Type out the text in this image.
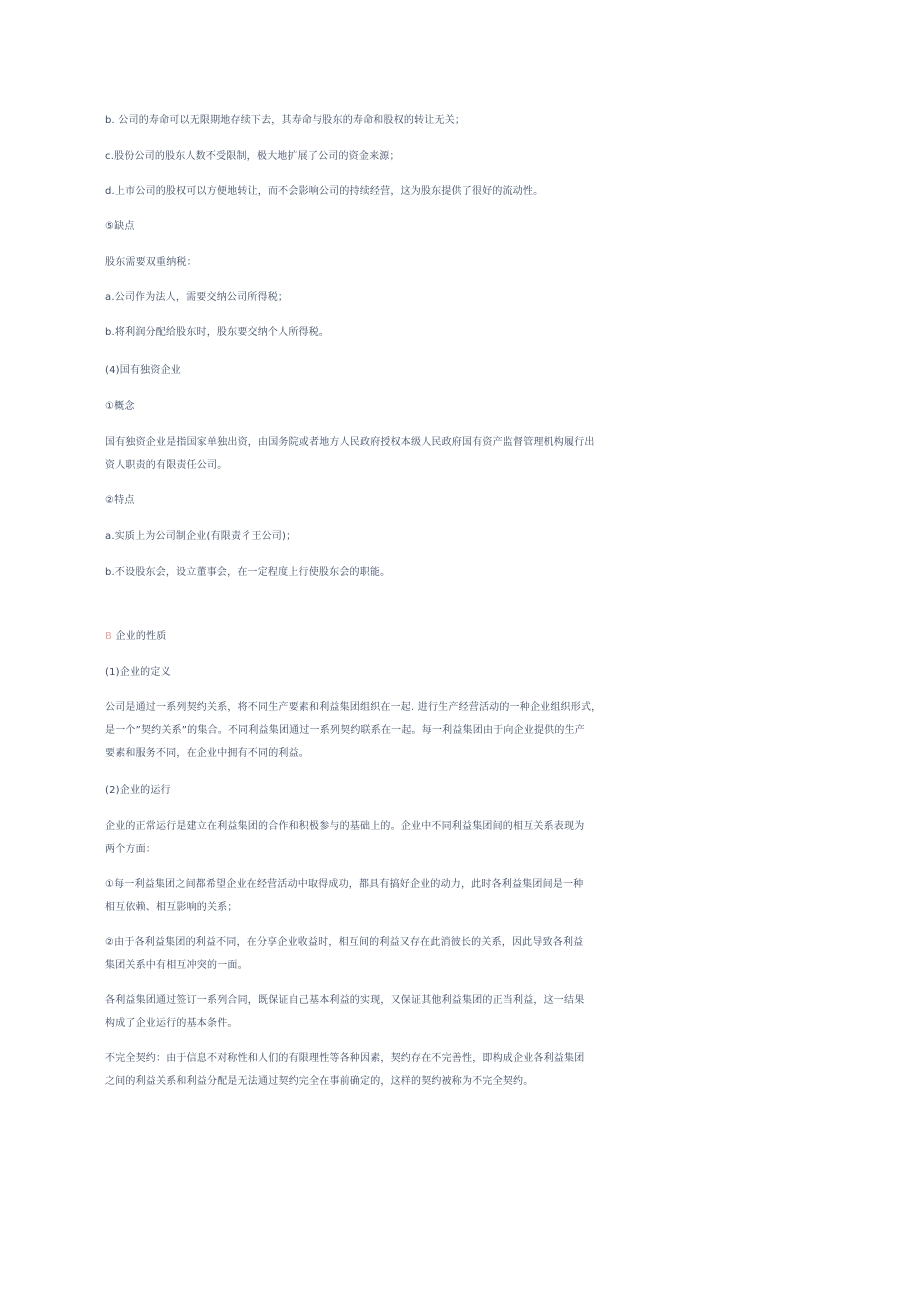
b. 公司的寿命可以无限期地存续下去，其寿命与股东的寿命和股权的转让无关；
c.股份公司的股东人数不受限制，极大地扩展了公司的资金来源；
d.上市公司的股权可以方便地转让，而不会影响公司的持续经营，这为股东提供了很好的流动性。
⑤缺点
股东需要双重纳税：
a.公司作为法人，需要交纳公司所得税；
b.将利润分配给股东时，股东要交纳个人所得税。
(4)国有独资企业
①概念
国有独资企业是指国家单独出资，由国务院或者地方人民政府授权本级人民政府国有资产监督管理机构履行出
资人职责的有限责任公司。
②特点
a.实质上为公司制企业(有限责彳王公司)；
b.不设股东会，设立董事会，在一定程度上行使股东会的职能。
B 企业的性质
(1)企业的定义
公司是通过一系列契约关系，将不同生产要素和利益集团组织在一起. 进行生产经营活动的一种企业组织形式，
是一个”契约关系”的集合。不同利益集团通过一系列契约联系在一起。每一利益集团由于向企业提供的生产
要素和服务不同，在企业中拥有不同的利益。
(2)企业的运行
企业的正常运行是建立在利益集团的合作和积极参与的基础上的。企业中不同利益集团间的相互关系表现为
两个方面：
①每一利益集团之间都希望企业在经营活动中取得成功，都具有搞好企业的动力，此时各利益集团间是一种
相互依赖、相互影响的关系；
②由于各利益集团的利益不同，在分享企业收益时，相互间的利益又存在此消彼长的关系，因此导致各利益
集团关系中有相互冲突的一面。
各利益集团通过签订一系列合同，既保证自己基本利益的实现，又保证其他利益集团的正当利益，这一结果
构成了企业运行的基本条件。
不完全契约：由于信息不对称性和人们的有限理性等各种因素，契约存在不完善性，即构成企业各利益集团
之间的利益关系和利益分配是无法通过契约完全在事前确定的，这样的契约被称为不完全契约。
